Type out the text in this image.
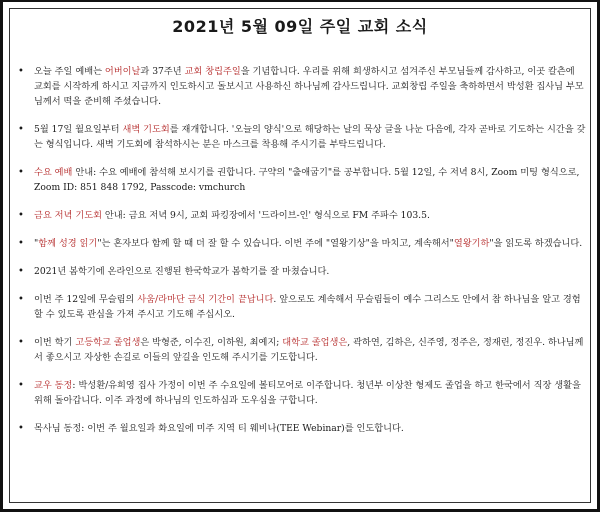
2021년 5월 09일 주일 교회 소식
• 오늘 주일 예배는 어버이날과 37주년 교회 창립주일을 기념합니다. 우리를 위해 희생하시고 섬겨주신 부모님들께 감사하고, 이곳 칼츤에 교회를 시작하게 하시고 지금까지 인도하시고 돌보시고 사용하신 하나님께 감사드립니다. 교회창립 주일을 축하하면서 박성환 집사님 부모님께서 떡을 준비해 주셨습니다.
• 5월 17일 월요일부터 새벽 기도회를 재개합니다. '오늘의 양식'으로 해당하는 날의 묵상 글을 나눈 다음에, 각자 곧바로 기도하는 시간을 갖는 형식입니다. 새벽 기도회에 참석하시는 분은 마스크를 착용해 주시기를 부탁드립니다.
• 수요 예배 안내: 수요 예배에 참석해 보시기를 권합니다. 구약의 "출애굽기"를 공부합니다. 5월 12일, 수 저녁 8시, Zoom 미팅 형식으로, Zoom ID: 851 848 1792, Passcode: vmchurch
• 금요 저녁 기도회 안내: 금요 저녁 9시, 교회 파킹장에서 '드라이브-인' 형식으로 FM 주파수 103.5.
• "함께 성경 읽기"는 혼자보다 함께 할 때 더 잘 할 수 있습니다. 이번 주에 "열왕기상"을 마치고, 계속해서"열왕기하"을 읽도록 하겠습니다.
• 2021년 봄학기에 온라인으로 진행된 한국학교가 봄학기를 잘 마쳤습니다.
• 이번 주 12일에 무슬림의 사움/라마단 금식 기간이 끝납니다. 앞으로도 계속해서 무슬림들이 예수 그리스도 안에서 참 하나님을 알고 경험할 수 있도록 관심을 가져 주시고 기도해 주십시오.
• 이번 학기 고등학교 졸업생은 박형준, 이수진, 이하원, 최예지; 대학교 졸업생은, 곽하연, 김하은, 신주영, 정주은, 정재린, 정진우. 하나님께서 좋으시고 자상한 손길로 이들의 앞길을 인도해 주시기를 기도합니다.
• 교우 동정: 박성환/유희영 집사 가정이 이번 주 수요일에 볼티모어로 이주합니다. 청년부 이상찬 형제도 졸업을 하고 한국에서 직장 생활을 위해 돌아갑니다. 이주 과정에 하나님의 인도하심과 도우심을 구합니다.
• 목사님 동정: 이번 주 월요일과 화요일에 미주 지역 티 웨비나(TEE Webinar)를 인도합니다.
